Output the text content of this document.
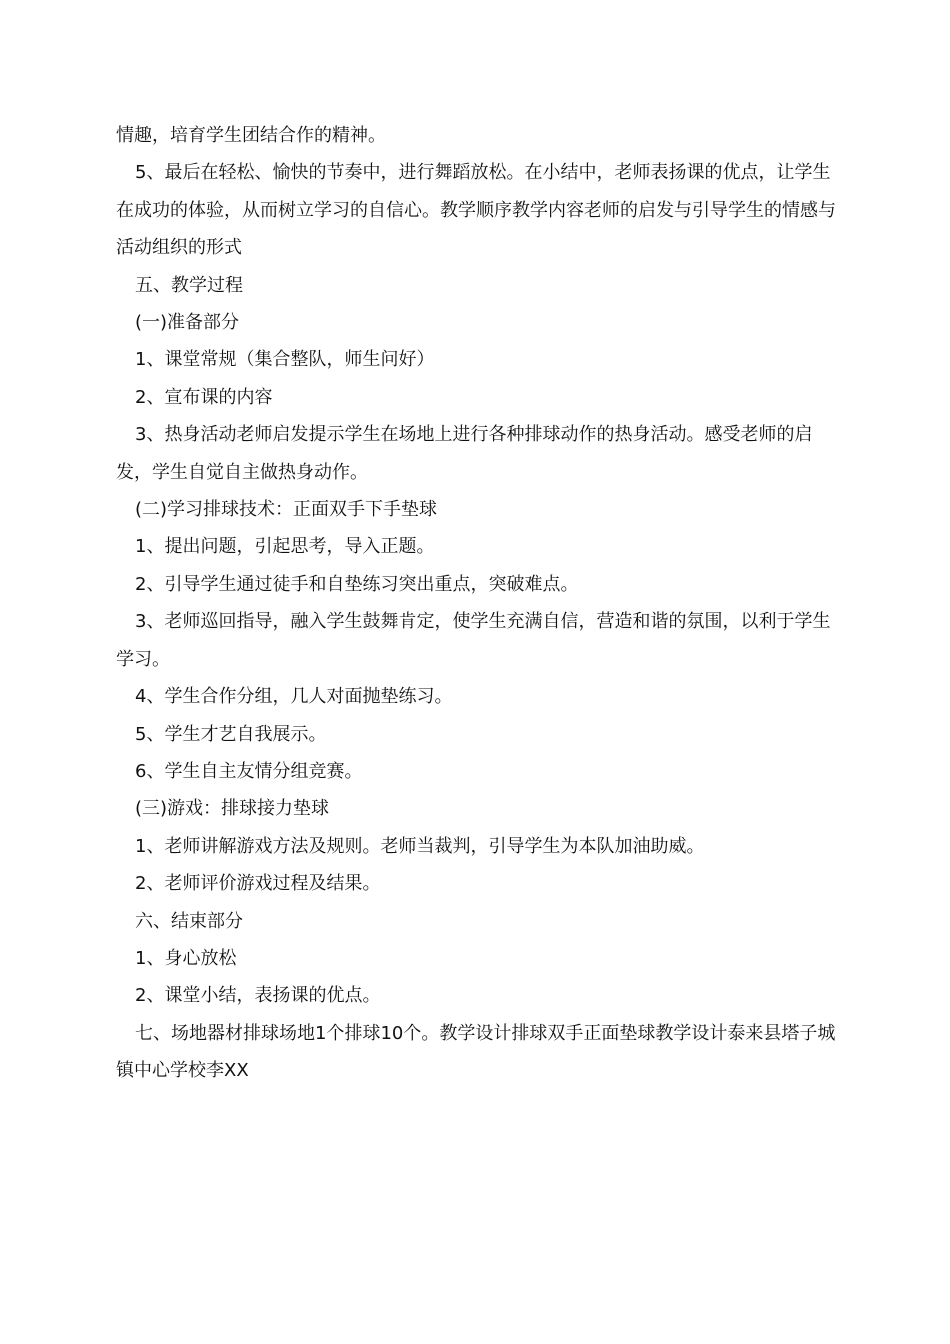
情趣，培育学生团结合作的精神。

5、最后在轻松、愉快的节奏中，进行舞蹈放松。在小结中，老师表扬课的优点，让学生在成功的体验，从而树立学习的自信心。教学顺序教学内容老师的启发与引导学生的情感与活动组织的形式

五、教学过程

(一)准备部分

1、课堂常规（集合整队，师生问好）

2、宣布课的内容

3、热身活动老师启发提示学生在场地上进行各种排球动作的热身活动。感受老师的启发，学生自觉自主做热身动作。

(二)学习排球技术：正面双手下手垫球

1、提出问题，引起思考，导入正题。

2、引导学生通过徒手和自垫练习突出重点，突破难点。

3、老师巡回指导，融入学生鼓舞肯定，使学生充满自信，营造和谐的氛围，以利于学生学习。

4、学生合作分组，几人对面抛垫练习。

5、学生才艺自我展示。

6、学生自主友情分组竞赛。

(三)游戏：排球接力垫球

1、老师讲解游戏方法及规则。老师当裁判，引导学生为本队加油助威。

2、老师评价游戏过程及结果。

六、结束部分

1、身心放松

2、课堂小结，表扬课的优点。

七、场地器材排球场地1个排球10个。教学设计排球双手正面垫球教学设计泰来县塔子城镇中心学校李XX
